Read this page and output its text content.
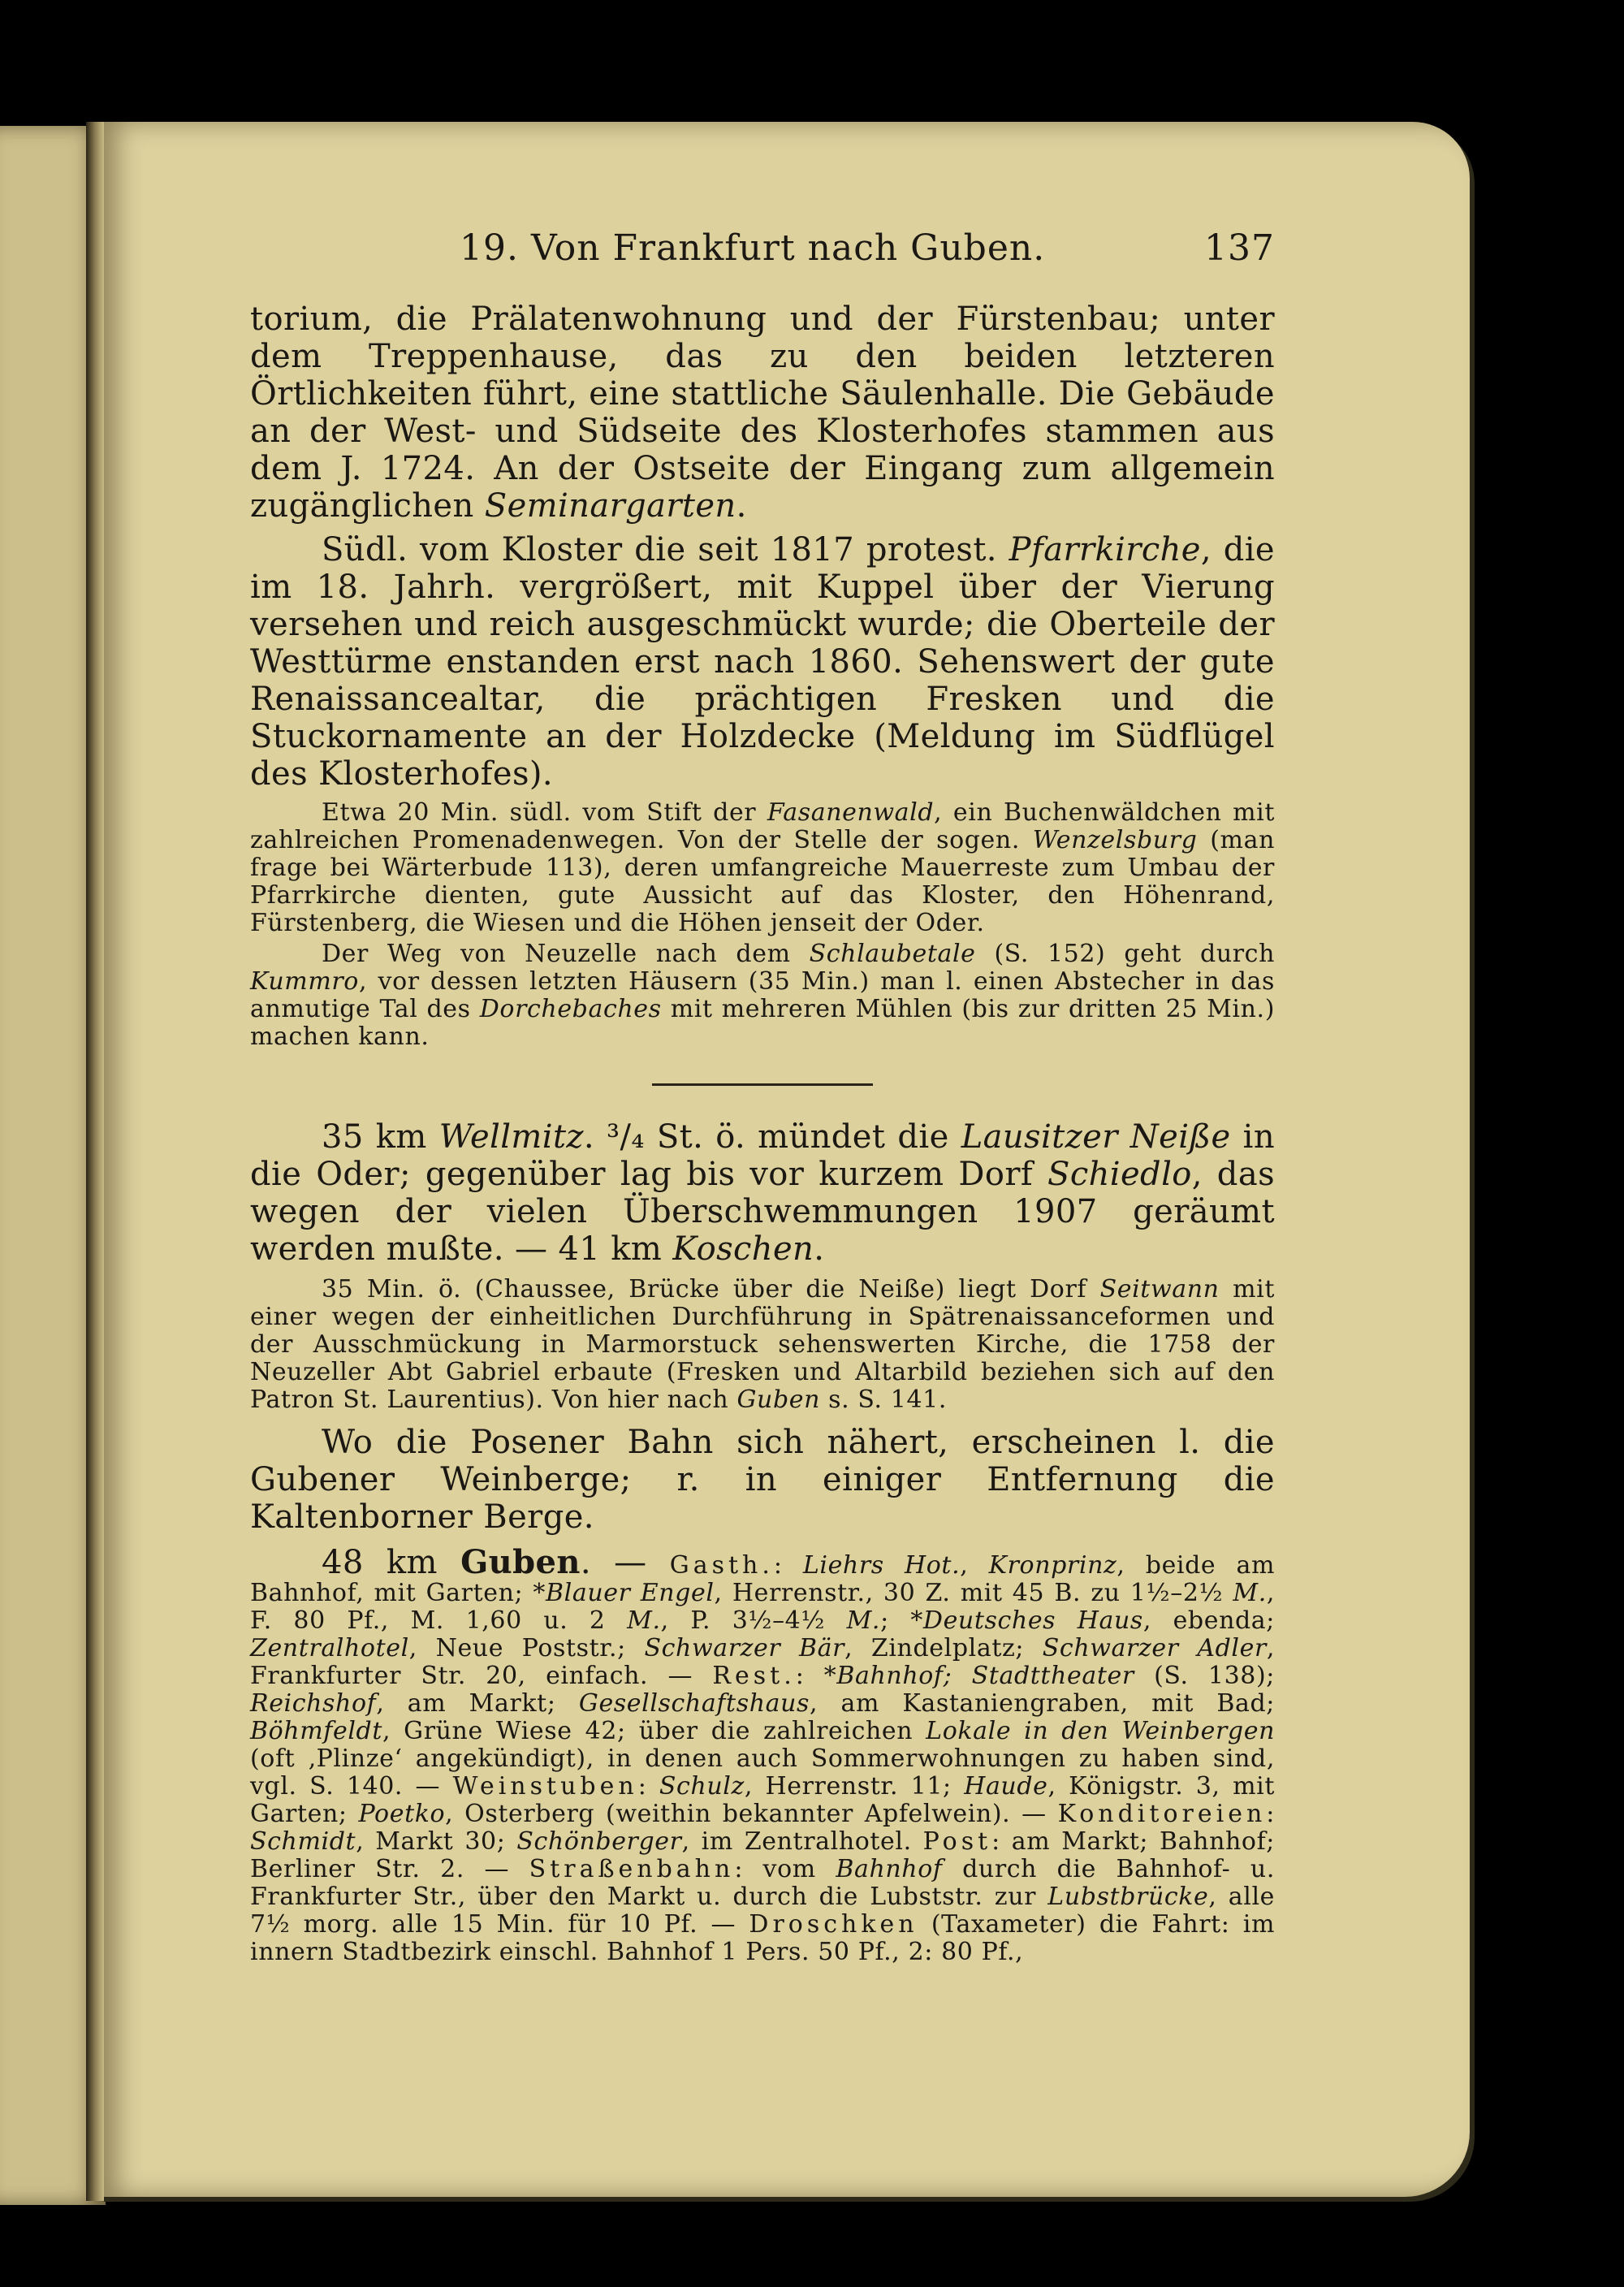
19. Von Frankfurt nach Guben.	137

torium, die Prälatenwohnung und der Fürstenbau; unter dem Treppenhause, das zu den beiden letzteren Örtlichkeiten führt, eine stattliche Säulenhalle. Die Gebäude an der West- und Südseite des Klosterhofes stammen aus dem J. 1724. An der Ostseite der Eingang zum allgemein zugänglichen Seminargarten.

Südl. vom Kloster die seit 1817 protest. Pfarrkirche, die im 18. Jahrh. vergrößert, mit Kuppel über der Vierung versehen und reich ausgeschmückt wurde; die Oberteile der Westtürme enstanden erst nach 1860. Sehenswert der gute Renaissancealtar, die prächtigen Fresken und die Stuckornamente an der Holzdecke (Meldung im Südflügel des Klosterhofes).

Etwa 20 Min. südl. vom Stift der Fasanenwald, ein Buchenwäldchen mit zahlreichen Promenadenwegen. Von der Stelle der sogen. Wenzelsburg (man frage bei Wärterbude 113), deren umfangreiche Mauerreste zum Umbau der Pfarrkirche dienten, gute Aussicht auf das Kloster, den Höhenrand, Fürstenberg, die Wiesen und die Höhen jenseit der Oder.

Der Weg von Neuzelle nach dem Schlaubetale (S. 152) geht durch Kummro, vor dessen letzten Häusern (35 Min.) man l. einen Abstecher in das anmutige Tal des Dorchebaches mit mehreren Mühlen (bis zur dritten 25 Min.) machen kann.

35 km Wellmitz. ³/₄ St. ö. mündet die Lausitzer Neiße in die Oder; gegenüber lag bis vor kurzem Dorf Schiedlo, das wegen der vielen Überschwemmungen 1907 geräumt werden mußte. — 41 km Koschen.

35 Min. ö. (Chaussee, Brücke über die Neiße) liegt Dorf Seitwann mit einer wegen der einheitlichen Durchführung in Spätrenaissanceformen und der Ausschmückung in Marmorstuck sehenswerten Kirche, die 1758 der Neuzeller Abt Gabriel erbaute (Fresken und Altarbild beziehen sich auf den Patron St. Laurentius). Von hier nach Guben s. S. 141.

Wo die Posener Bahn sich nähert, erscheinen l. die Gubener Weinberge; r. in einiger Entfernung die Kaltenborner Berge.

48 km Guben. — Gasth.: Liehrs Hot., Kronprinz, beide am Bahnhof, mit Garten; *Blauer Engel, Herrenstr., 30 Z. mit 45 B. zu 1½–2½ M., F. 80 Pf., M. 1,60 u. 2 M., P. 3½–4½ M.; *Deutsches Haus, ebenda; Zentralhotel, Neue Poststr.; Schwarzer Bär, Zindelplatz; Schwarzer Adler, Frankfurter Str. 20, einfach. — Rest.: *Bahnhof; Stadttheater (S. 138); Reichshof, am Markt; Gesellschaftshaus, am Kastaniengraben, mit Bad; Böhmfeldt, Grüne Wiese 42; über die zahlreichen Lokale in den Weinbergen (oft ‚Plinze‘ angekündigt), in denen auch Sommerwohnungen zu haben sind, vgl. S. 140. — Weinstuben: Schulz, Herrenstr. 11; Haude, Königstr. 3, mit Garten; Poetko, Osterberg (weithin bekannter Apfelwein). — Konditoreien: Schmidt, Markt 30; Schönberger, im Zentralhotel. Post: am Markt; Bahnhof; Berliner Str. 2. — Straßenbahn: vom Bahnhof durch die Bahnhof- u. Frankfurter Str., über den Markt u. durch die Lubststr. zur Lubstbrücke, alle 7½ morg. alle 15 Min. für 10 Pf. — Droschken (Taxameter) die Fahrt: im innern Stadtbezirk einschl. Bahnhof 1 Pers. 50 Pf., 2: 80 Pf.,
